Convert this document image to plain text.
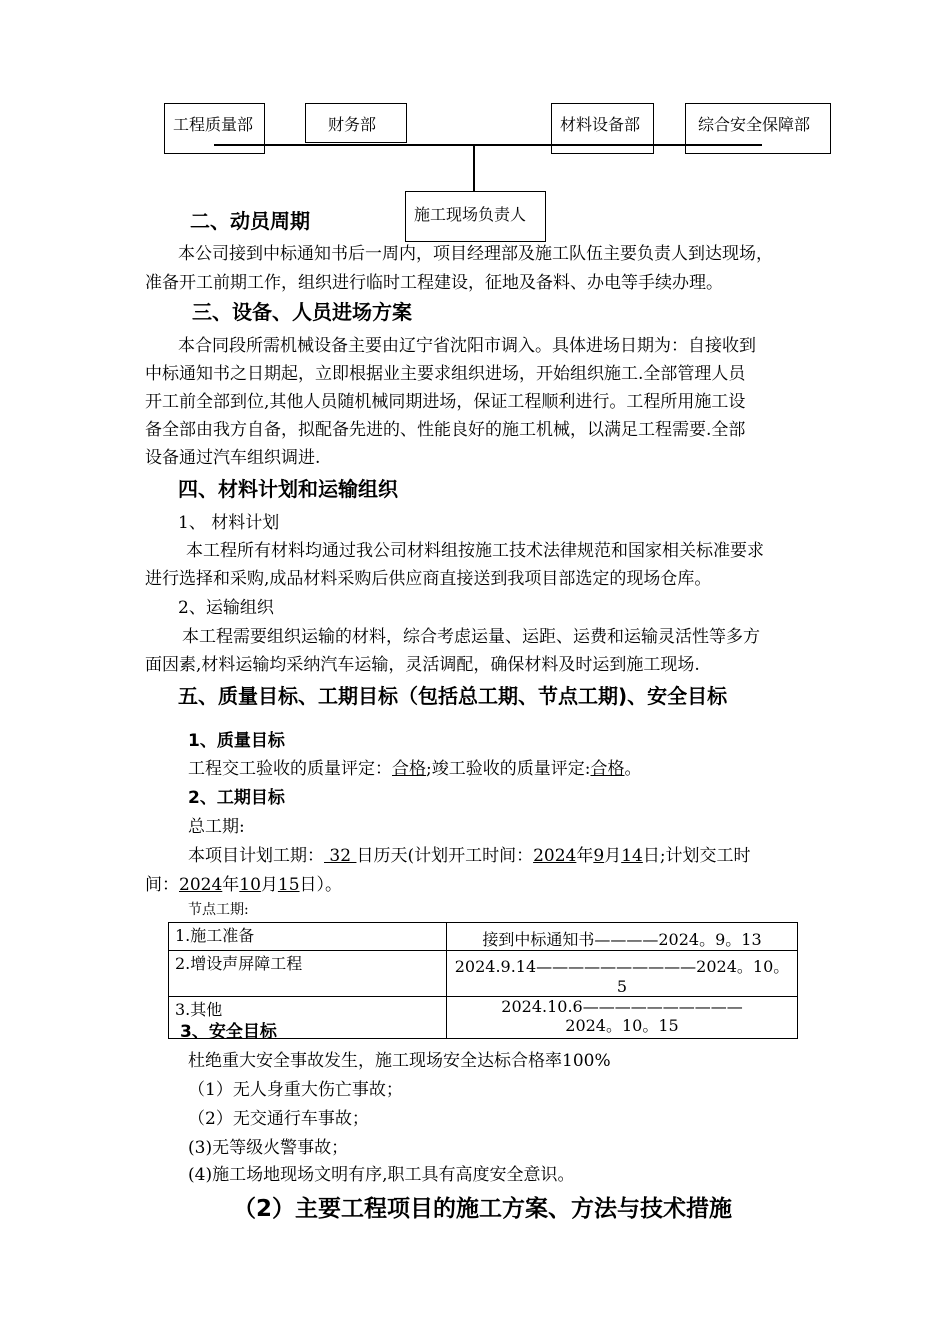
工程质量部	财务部	材料设备部	综合安全保障部
施工现场负责人
二、动员周期
本公司接到中标通知书后一周内，项目经理部及施工队伍主要负责人到达现场，
准备开工前期工作，组织进行临时工程建设，征地及备料、办电等手续办理。
三、设备、人员进场方案
本合同段所需机械设备主要由辽宁省沈阳市调入。具体进场日期为：自接收到
中标通知书之日期起，立即根据业主要求组织进场，开始组织施工.全部管理人员
开工前全部到位,其他人员随机械同期进场，保证工程顺利进行。工程所用施工设
备全部由我方自备，拟配备先进的、性能良好的施工机械，以满足工程需要.全部
设备通过汽车组织调进.
四、材料计划和运输组织
1、 材料计划
本工程所有材料均通过我公司材料组按施工技术法律规范和国家相关标准要求
进行选择和采购,成品材料采购后供应商直接送到我项目部选定的现场仓库。
2、运输组织
本工程需要组织运输的材料，综合考虑运量、运距、运费和运输灵活性等多方
面因素,材料运输均采纳汽车运输，灵活调配，确保材料及时运到施工现场.
五、质量目标、工期目标（包括总工期、节点工期)、安全目标
1、质量目标
工程交工验收的质量评定：合格;竣工验收的质量评定:合格。
2、工期目标
总工期:
本项目计划工期： 32 日历天(计划开工时间：2024年9月14日;计划交工时
间：2024年10月15日）。
节点工期:
1.施工准备	接到中标通知书————2024。9。13
2.增设声屏障工程	2024.9.14——————————2024。10。5
3.其他	2024.10.6——————————
2024。10。15
3、安全目标
杜绝重大安全事故发生，施工现场安全达标合格率100%
（1）无人身重大伤亡事故；
（2）无交通行车事故；
(3)无等级火警事故；
(4)施工场地现场文明有序,职工具有高度安全意识。
（2）主要工程项目的施工方案、方法与技术措施
